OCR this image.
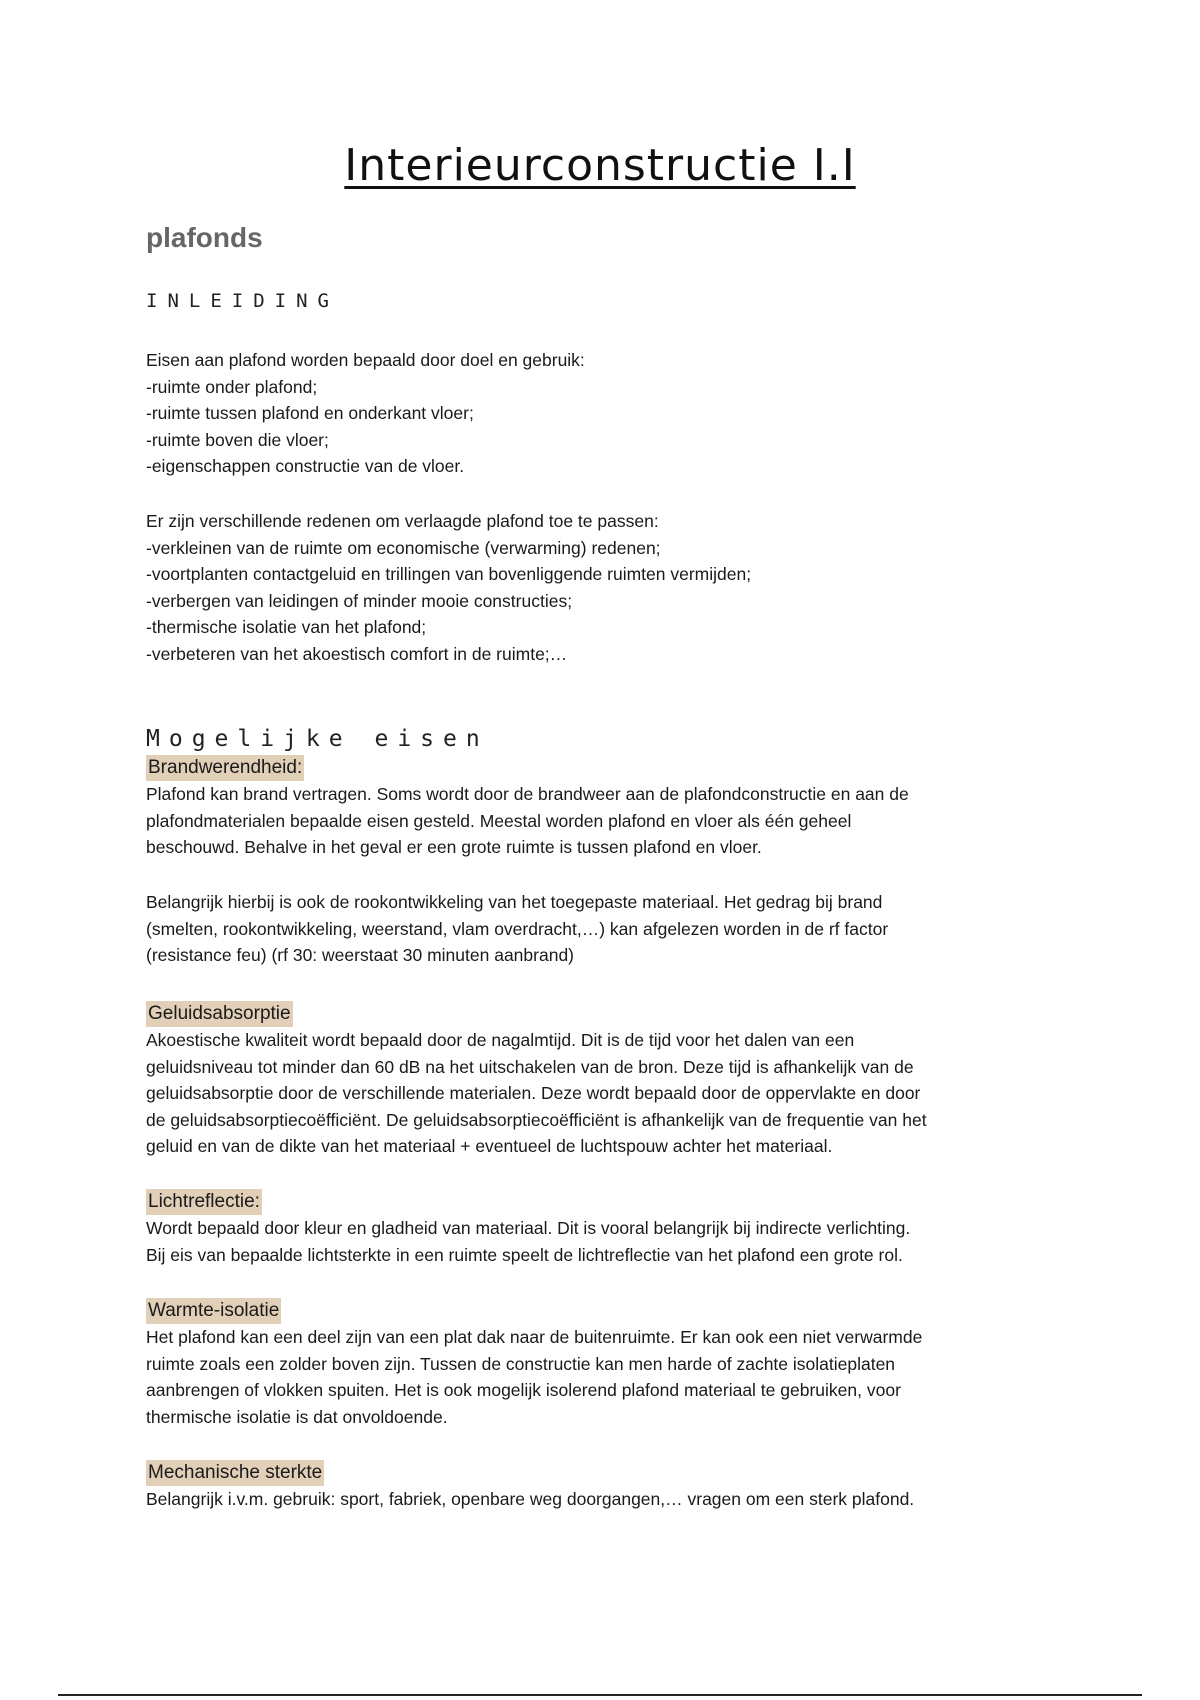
Interieurconstructie I.I
plafonds
INLEIDING
Eisen aan plafond worden bepaald door doel en gebruik:
-ruimte onder plafond;
-ruimte tussen plafond en onderkant vloer;
-ruimte boven die vloer;
-eigenschappen constructie van de vloer.
Er zijn verschillende redenen om verlaagde plafond toe te passen:
-verkleinen van de ruimte om economische (verwarming) redenen;
-voortplanten contactgeluid en trillingen van bovenliggende ruimten vermijden;
-verbergen van leidingen of minder mooie constructies;
-thermische isolatie van het plafond;
-verbeteren van het akoestisch comfort in de ruimte;…
Mogelijke eisen
Brandwerendheid:
Plafond kan brand vertragen. Soms wordt door de brandweer aan de plafondconstructie en aan de
plafondmaterialen bepaalde eisen gesteld. Meestal worden plafond en vloer als één geheel
beschouwd. Behalve in het geval er een grote ruimte is tussen plafond en vloer.
Belangrijk hierbij is ook de rookontwikkeling van het toegepaste materiaal. Het gedrag bij brand
(smelten, rookontwikkeling, weerstand, vlam overdracht,…) kan afgelezen worden in de rf factor
(resistance feu) (rf 30: weerstaat 30 minuten aanbrand)
Geluidsabsorptie
Akoestische kwaliteit wordt bepaald door de nagalmtijd. Dit is de tijd voor het dalen van een
geluidsniveau tot minder dan 60 dB na het uitschakelen van de bron. Deze tijd is afhankelijk van de
geluidsabsorptie door de verschillende materialen. Deze wordt bepaald door de oppervlakte en door
de geluidsabsorptiecoëfficiënt. De geluidsabsorptiecoëfficiënt is afhankelijk van de frequentie van het
geluid en van de dikte van het materiaal + eventueel de luchtspouw achter het materiaal.
Lichtreflectie:
Wordt bepaald door kleur en gladheid van materiaal. Dit is vooral belangrijk bij indirecte verlichting.
Bij eis van bepaalde lichtsterkte in een ruimte speelt de lichtreflectie van het plafond een grote rol.
Warmte-isolatie
Het plafond kan een deel zijn van een plat dak naar de buitenruimte. Er kan ook een niet verwarmde
ruimte zoals een zolder boven zijn. Tussen de constructie kan men harde of zachte isolatieplaten
aanbrengen of vlokken spuiten. Het is ook mogelijk isolerend plafond materiaal te gebruiken, voor
thermische isolatie is dat onvoldoende.
Mechanische sterkte
Belangrijk i.v.m. gebruik: sport, fabriek, openbare weg doorgangen,… vragen om een sterk plafond.
